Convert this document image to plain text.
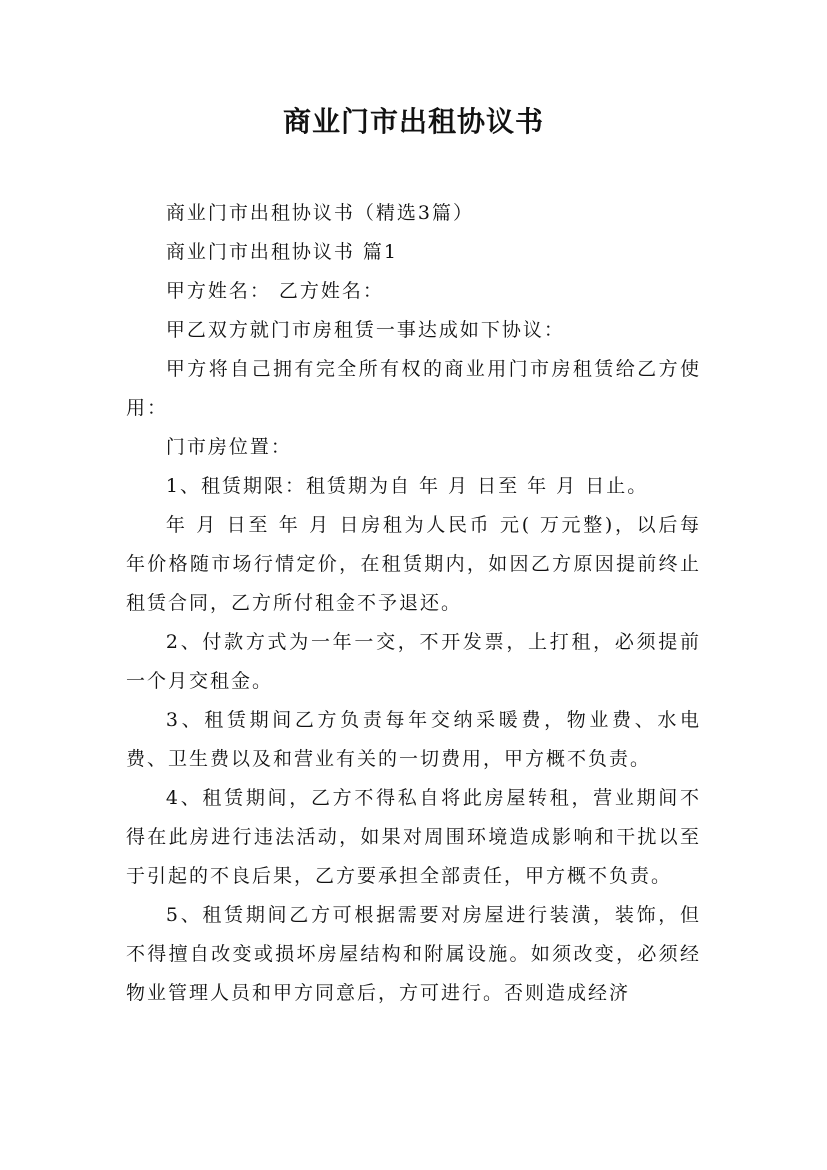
商业门市出租协议书

商业门市出租协议书（精选3篇）

商业门市出租协议书 篇1

甲方姓名： 乙方姓名：

甲乙双方就门市房租赁一事达成如下协议：

甲方将自己拥有完全所有权的商业用门市房租赁给乙方使用：

门市房位置：

1、租赁期限：租赁期为自 年 月 日至 年 月 日止。

年 月 日至 年 月 日房租为人民币 元( 万元整)，以后每年价格随市场行情定价，在租赁期内，如因乙方原因提前终止租赁合同，乙方所付租金不予退还。

2、付款方式为一年一交，不开发票，上打租，必须提前一个月交租金。

3、租赁期间乙方负责每年交纳采暖费，物业费、水电费、卫生费以及和营业有关的一切费用，甲方概不负责。

4、租赁期间，乙方不得私自将此房屋转租，营业期间不得在此房进行违法活动，如果对周围环境造成影响和干扰以至于引起的不良后果，乙方要承担全部责任，甲方概不负责。

5、租赁期间乙方可根据需要对房屋进行装潢，装饰，但不得擅自改变或损坏房屋结构和附属设施。如须改变，必须经物业管理人员和甲方同意后，方可进行。否则造成经济
